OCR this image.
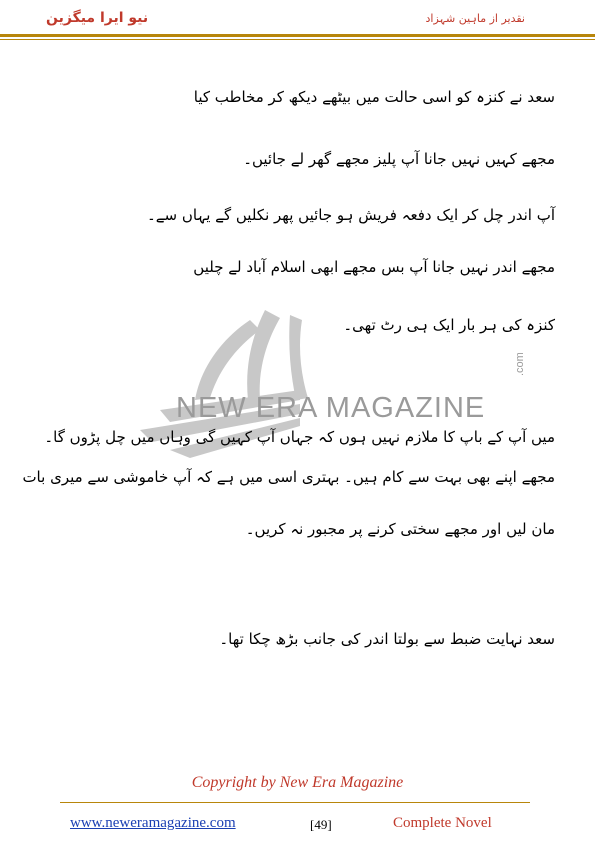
نیو ایرا میگزین	نقدیر از ماہین شہزاد
NEW ERA MAGAZINE
.com
سعد نے کنزہ کو اسی حالت میں بیٹھے دیکھ کر مخاطب کیا
مجھے کہیں نہیں جانا آپ پلیز مجھے گھر لے جائیں۔
آپ اندر چل کر ایک دفعہ فریش ہو جائیں پھر نکلیں گے یہاں سے۔
مجھے اندر نہیں جانا آپ بس مجھے ابھی اسلام آباد لے چلیں
کنزہ کی ہر بار ایک ہی رٹ تھی۔
میں آپ کے باپ کا ملازم نہیں ہوں کہ جہاں آپ کہیں گی وہاں میں چل پڑوں گا۔
مجھے اپنے بھی بہت سے کام ہیں۔ بہتری اسی میں ہے کہ آپ خاموشی سے میری بات
مان لیں اور مجھے سختی کرنے پر مجبور نہ کریں۔
سعد نہایت ضبط سے بولتا اندر کی جانب بڑھ چکا تھا۔
Copyright by New Era Magazine
www.neweramagazine.com	[49]	Complete Novel
